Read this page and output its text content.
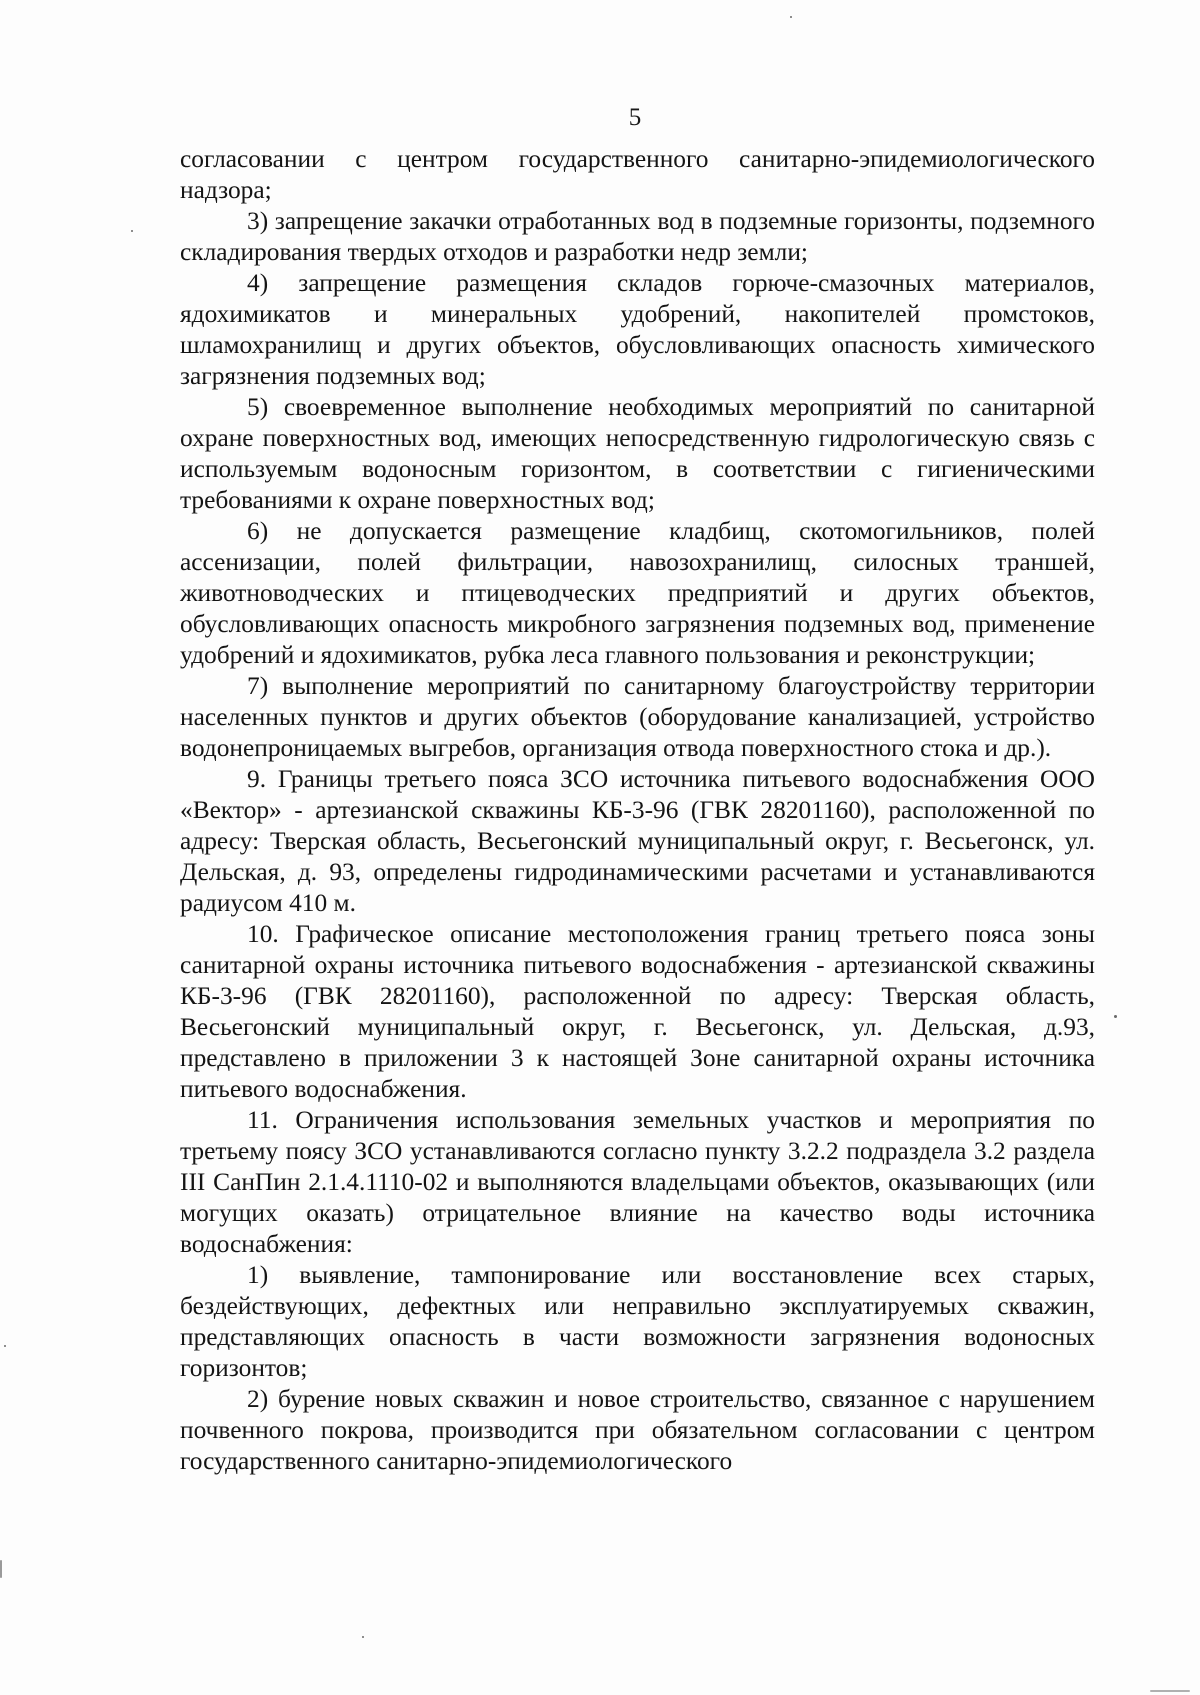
5

согласовании с центром государственного санитарно-эпидемиологического надзора;

3) запрещение закачки отработанных вод в подземные горизонты, подземного складирования твердых отходов и разработки недр земли;

4) запрещение размещения складов горюче-смазочных материалов, ядохимикатов и минеральных удобрений, накопителей промстоков, шламохранилищ и других объектов, обусловливающих опасность химического загрязнения подземных вод;

5) своевременное выполнение необходимых мероприятий по санитарной охране поверхностных вод, имеющих непосредственную гидрологическую связь с используемым водоносным горизонтом, в соответствии с гигиеническими требованиями к охране поверхностных вод;

6) не допускается размещение кладбищ, скотомогильников, полей ассенизации, полей фильтрации, навозохранилищ, силосных траншей, животноводческих и птицеводческих предприятий и других объектов, обусловливающих опасность микробного загрязнения подземных вод, применение удобрений и ядохимикатов, рубка леса главного пользования и реконструкции;

7) выполнение мероприятий по санитарному благоустройству территории населенных пунктов и других объектов (оборудование канализацией, устройство водонепроницаемых выгребов, организация отвода поверхностного стока и др.).

9. Границы третьего пояса ЗСО источника питьевого водоснабжения ООО «Вектор» - артезианской скважины КБ-3-96 (ГВК 28201160), расположенной по адресу: Тверская область, Весьегонский муниципальный округ, г. Весьегонск, ул. Дельская, д. 93, определены гидродинамическими расчетами и устанавливаются радиусом 410 м.

10. Графическое описание местоположения границ третьего пояса зоны санитарной охраны источника питьевого водоснабжения - артезианской скважины КБ-3-96 (ГВК 28201160), расположенной по адресу: Тверская область, Весьегонский муниципальный округ, г. Весьегонск, ул. Дельская, д.93, представлено в приложении 3 к настоящей Зоне санитарной охраны источника питьевого водоснабжения.

11. Ограничения использования земельных участков и мероприятия по третьему поясу ЗСО устанавливаются согласно пункту 3.2.2 подраздела 3.2 раздела III СанПин 2.1.4.1110-02 и выполняются владельцами объектов, оказывающих (или могущих оказать) отрицательное влияние на качество воды источника водоснабжения:

1) выявление, тампонирование или восстановление всех старых, бездействующих, дефектных или неправильно эксплуатируемых скважин, представляющих опасность в части возможности загрязнения водоносных горизонтов;

2) бурение новых скважин и новое строительство, связанное с нарушением почвенного покрова, производится при обязательном согласовании с центром государственного санитарно-эпидемиологического
